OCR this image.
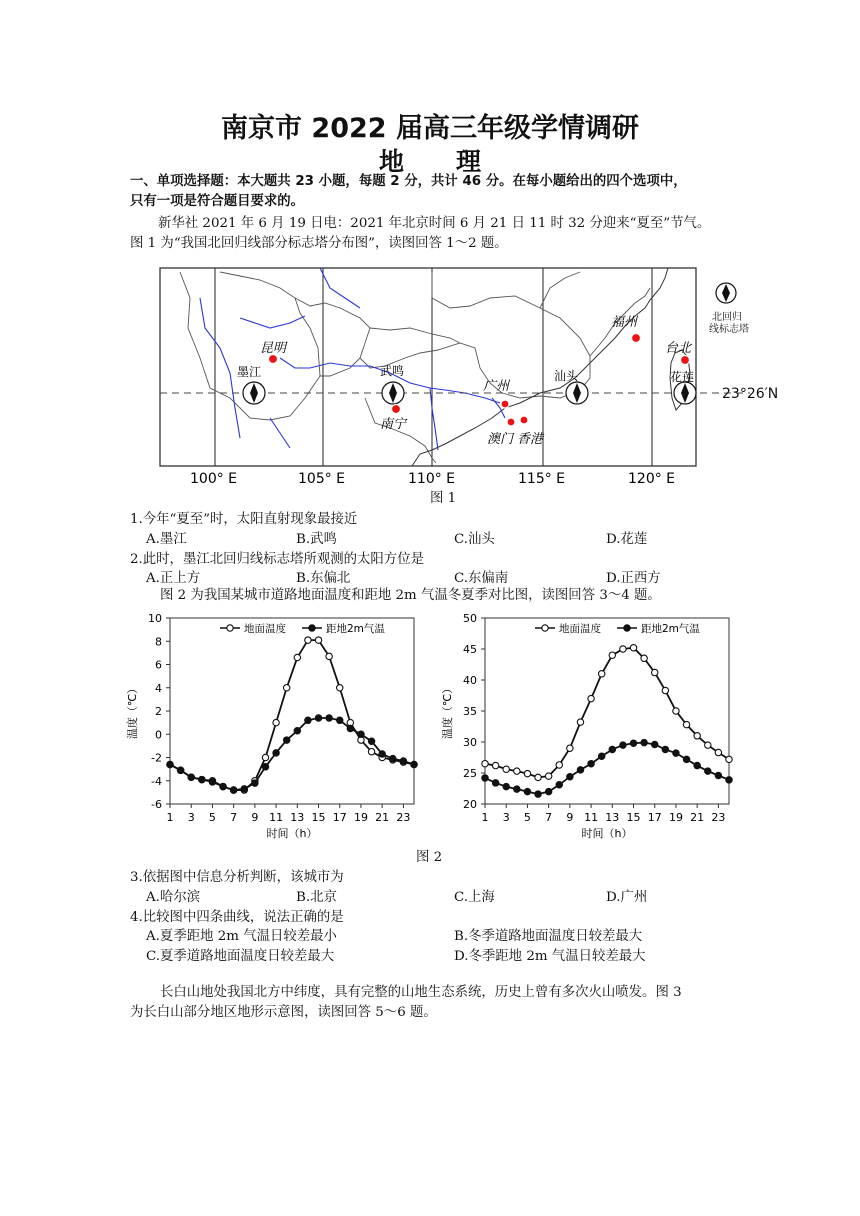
南京市 2022 届高三年级学情调研
地理
一、单项选择题：本大题共 23 小题，每题 2 分，共计 46 分。在每小题给出的四个选项中，
只有一项是符合题目要求的。
新华社 2021 年 6 月 19 日电：2021 年北京时间 6 月 21 日 11 时 32 分迎来“夏至”节气。
图 1 为“我国北回归线部分标志塔分布图”，读图回答 1～2 题。
23°26′N
北回归
线标志塔
昆明
武鸣
南宁
广州
澳门 香港
汕头
福州
台北
花莲
墨江
100° E	105° E	110° E	115° E	120° E
图 1
1.今年“夏至”时，太阳直射现象最接近
A.墨江	B.武鸣	C.汕头	D.花莲
2.此时，墨江北回归线标志塔所观测的太阳方位是
A.正上方	B.东偏北	C.东偏南	D.正西方
图 2 为我国某城市道路地面温度和距地 2m 气温冬夏季对比图，读图回答 3～4 题。
-6
-4
-2
0
2
4
6
8
10
1 3 5 7 9 11 13 15 17 19 21 23
时间（h）
温度（℃）
地面温度	距地2m气温
20
25
30
35
40
45
50
1 3 5 7 9 11 13 15 17 19 21 23
时间（h）
温度（℃）
地面温度	距地2m气温
图 2
3.依据图中信息分析判断，该城市为
A.哈尔滨	B.北京	C.上海	D.广州
4.比较图中四条曲线，说法正确的是
A.夏季距地 2m 气温日较差最小	B.冬季道路地面温度日较差最大
C.夏季道路地面温度日较差最大	D.冬季距地 2m 气温日较差最大
长白山地处我国北方中纬度，具有完整的山地生态系统，历史上曾有多次火山喷发。图 3
为长白山部分地区地形示意图，读图回答 5～6 题。
